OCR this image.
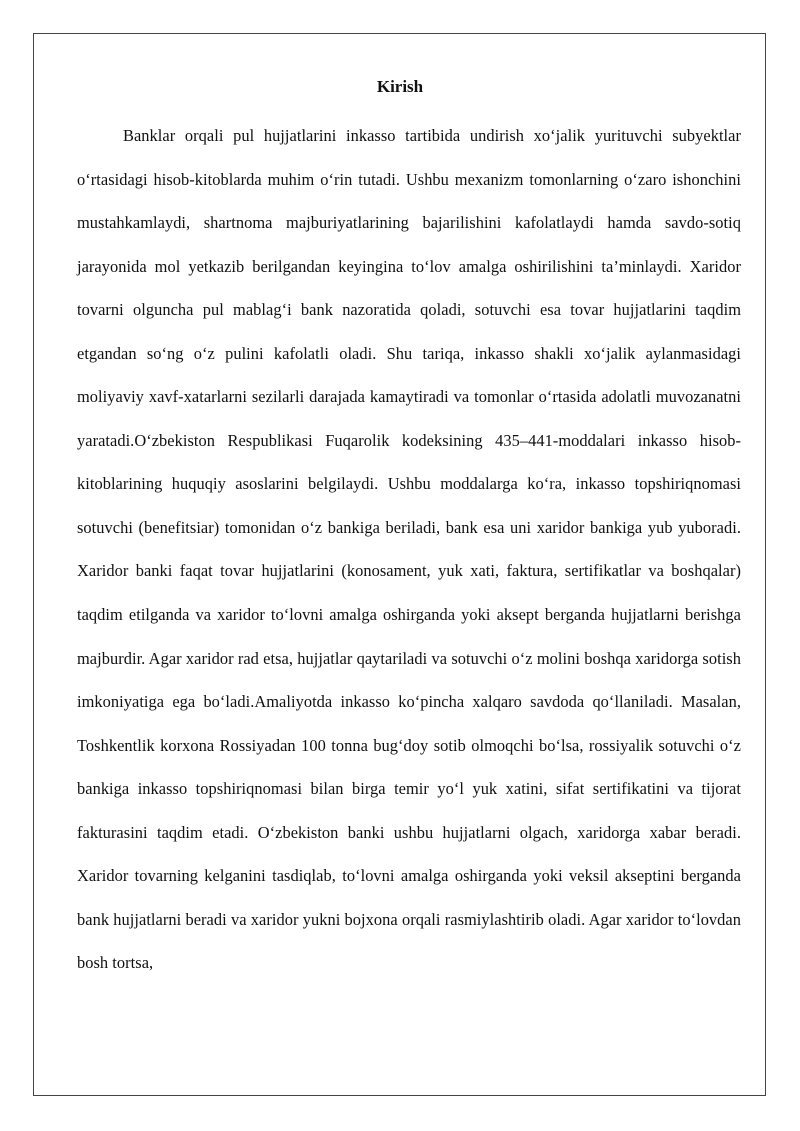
Kirish

Banklar orqali pul hujjatlarini inkasso tartibida undirish xo‘jalik yurituvchi subyektlar o‘rtasidagi hisob-kitoblarda muhim o‘rin tutadi. Ushbu mexanizm tomonlarning o‘zaro ishonchini mustahkamlaydi, shartnoma majburiyatlarining bajarilishini kafolatlaydi hamda savdo-sotiq jarayonida mol yetkazib berilgandan keyingina to‘lov amalga oshirilishini ta’minlaydi. Xaridor tovarni olguncha pul mablag‘i bank nazoratida qoladi, sotuvchi esa tovar hujjatlarini taqdim etgandan so‘ng o‘z pulini kafolatli oladi. Shu tariqa, inkasso shakli xo‘jalik aylanmasidagi moliyaviy xavf-xatarlarni sezilarli darajada kamaytiradi va tomonlar o‘rtasida adolatli muvozanatni yaratadi.O‘zbekiston Respublikasi Fuqarolik kodeksining 435–441-moddalari inkasso hisob-kitoblarining huquqiy asoslarini belgilaydi. Ushbu moddalarga ko‘ra, inkasso topshiriqnomasi sotuvchi (benefitsiar) tomonidan o‘z bankiga beriladi, bank esa uni xaridor bankiga yub yuboradi. Xaridor banki faqat tovar hujjatlarini (konosament, yuk xati, faktura, sertifikatlar va boshqalar) taqdim etilganda va xaridor to‘lovni amalga oshirganda yoki aksept berganda hujjatlarni berishga majburdir. Agar xaridor rad etsa, hujjatlar qaytariladi va sotuvchi o‘z molini boshqa xaridorga sotish imkoniyatiga ega bo‘ladi.Amaliyotda inkasso ko‘pincha xalqaro savdoda qo‘llaniladi. Masalan, Toshkentlik korxona Rossiyadan 100 tonna bug‘doy sotib olmoqchi bo‘lsa, rossiyalik sotuvchi o‘z bankiga inkasso topshiriqnomasi bilan birga temir yo‘l yuk xatini, sifat sertifikatini va tijorat fakturasini taqdim etadi. O‘zbekiston banki ushbu hujjatlarni olgach, xaridorga xabar beradi. Xaridor tovarning kelganini tasdiqlab, to‘lovni amalga oshirganda yoki veksil akseptini berganda bank hujjatlarni beradi va xaridor yukni bojxona orqali rasmiylashtirib oladi. Agar xaridor to‘lovdan bosh tortsa,
